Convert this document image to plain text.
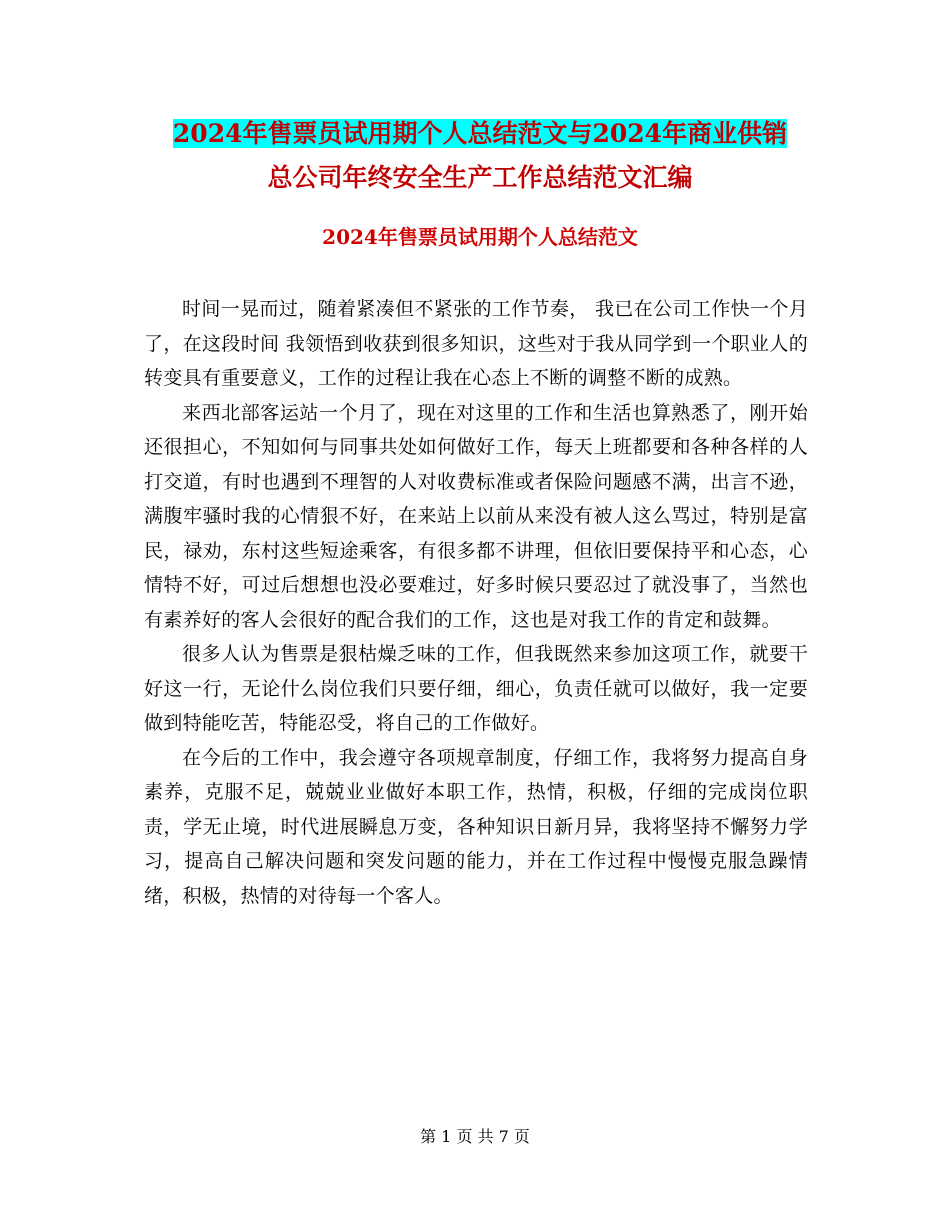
2024年售票员试用期个人总结范文与2024年商业供销
总公司年终安全生产工作总结范文汇编
2024年售票员试用期个人总结范文

时间一晃而过，随着紧凑但不紧张的工作节奏， 我已在公司工作快一个月了，在这段时间 我领悟到收获到很多知识，这些对于我从同学到一个职业人的转变具有重要意义，工作的过程让我在心态上不断的调整不断的成熟。

来西北部客运站一个月了，现在对这里的工作和生活也算熟悉了，刚开始还很担心，不知如何与同事共处如何做好工作，每天上班都要和各种各样的人打交道，有时也遇到不理智的人对收费标准或者保险问题感不满，出言不逊，满腹牢骚时我的心情狠不好，在来站上以前从来没有被人这么骂过，特别是富民，禄劝，东村这些短途乘客，有很多都不讲理，但依旧要保持平和心态，心情特不好，可过后想想也没必要难过，好多时候只要忍过了就没事了，当然也有素养好的客人会很好的配合我们的工作，这也是对我工作的肯定和鼓舞。

很多人认为售票是狠枯燥乏味的工作，但我既然来参加这项工作，就要干好这一行，无论什么岗位我们只要仔细，细心，负责任就可以做好，我一定要做到特能吃苦，特能忍受，将自己的工作做好。

在今后的工作中，我会遵守各项规章制度，仔细工作，我将努力提高自身素养，克服不足，兢兢业业做好本职工作，热情，积极，仔细的完成岗位职责，学无止境，时代进展瞬息万变，各种知识日新月异，我将坚持不懈努力学习，提高自己解决问题和突发问题的能力，并在工作过程中慢慢克服急躁情绪，积极，热情的对待每一个客人。

第 1 页 共 7 页
